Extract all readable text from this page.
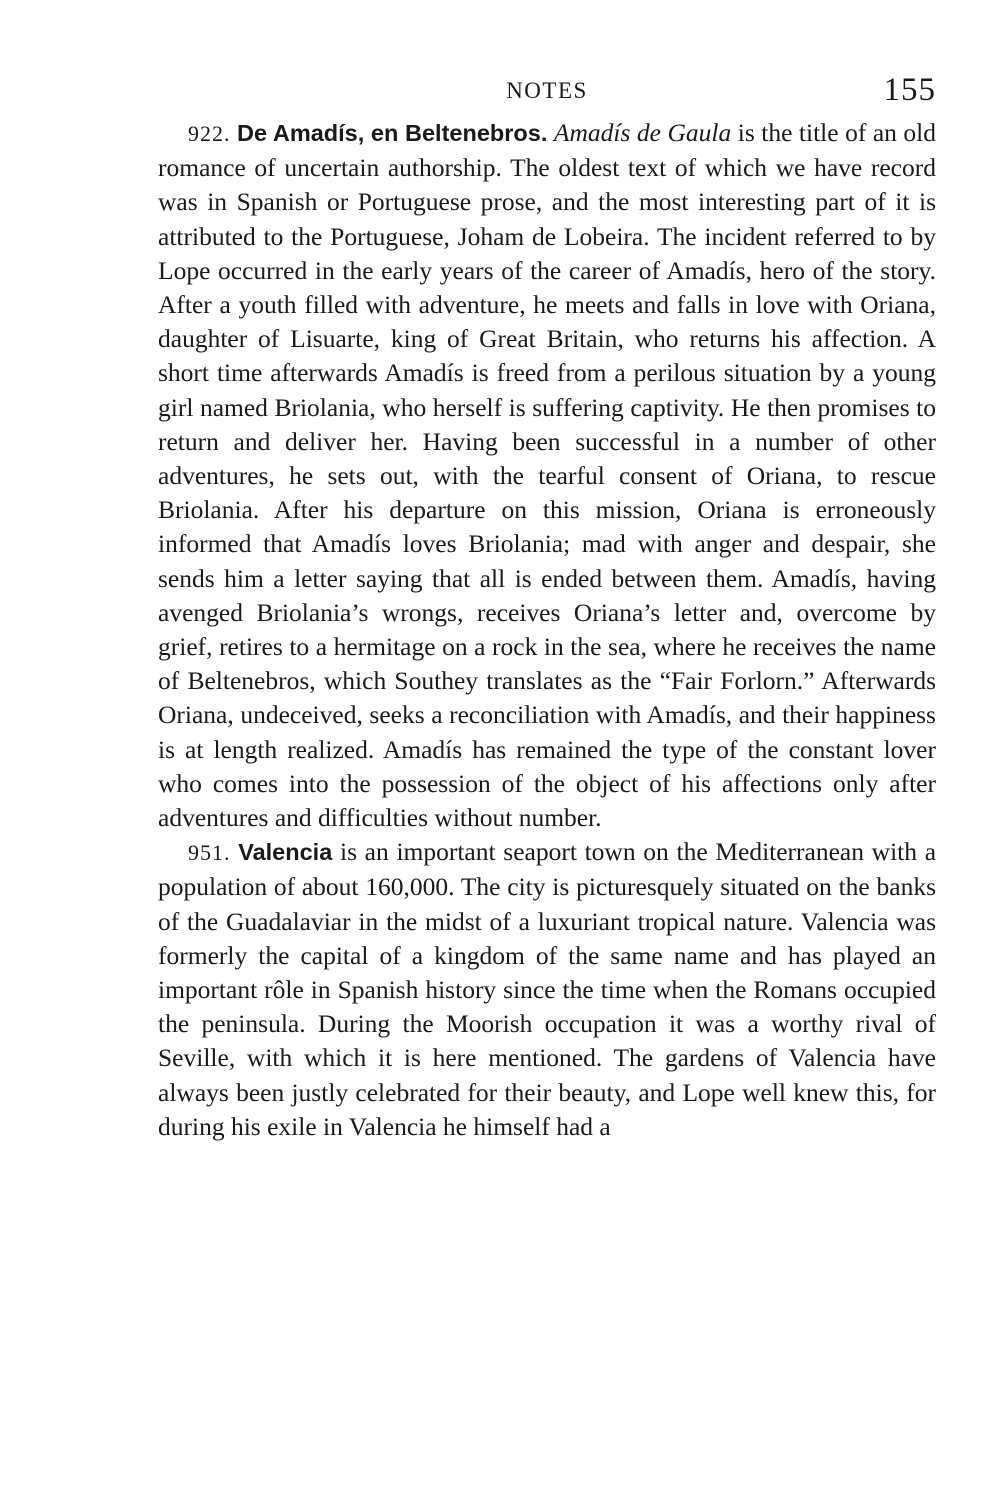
NOTES	155

922. De Amadís, en Beltenebros. Amadís de Gaula is the title of an old romance of uncertain authorship. The oldest text of which we have record was in Spanish or Portuguese prose, and the most interesting part of it is attributed to the Portuguese, Joham de Lobeira. The incident referred to by Lope occurred in the early years of the career of Amadís, hero of the story. After a youth filled with adventure, he meets and falls in love with Oriana, daughter of Lisuarte, king of Great Britain, who returns his affection. A short time afterwards Amadís is freed from a perilous situation by a young girl named Briolania, who herself is suffering captivity. He then promises to return and deliver her. Having been successful in a number of other adventures, he sets out, with the tearful consent of Oriana, to rescue Briolania. After his departure on this mission, Oriana is erroneously informed that Amadís loves Briolania; mad with anger and despair, she sends him a letter saying that all is ended between them. Amadís, having avenged Briolania’s wrongs, receives Oriana’s letter and, overcome by grief, retires to a hermitage on a rock in the sea, where he receives the name of Beltenebros, which Southey translates as the “Fair Forlorn.” Afterwards Oriana, undeceived, seeks a reconciliation with Amadís, and their happiness is at length realized. Amadís has remained the type of the constant lover who comes into the possession of the object of his affections only after adventures and difficulties without number.

951. Valencia is an important seaport town on the Mediterranean with a population of about 160,000. The city is picturesquely situated on the banks of the Guadalaviar in the midst of a luxuriant tropical nature. Valencia was formerly the capital of a kingdom of the same name and has played an important rôle in Spanish history since the time when the Romans occupied the peninsula. During the Moorish occupation it was a worthy rival of Seville, with which it is here mentioned. The gardens of Valencia have always been justly celebrated for their beauty, and Lope well knew this, for during his exile in Valencia he himself had a
